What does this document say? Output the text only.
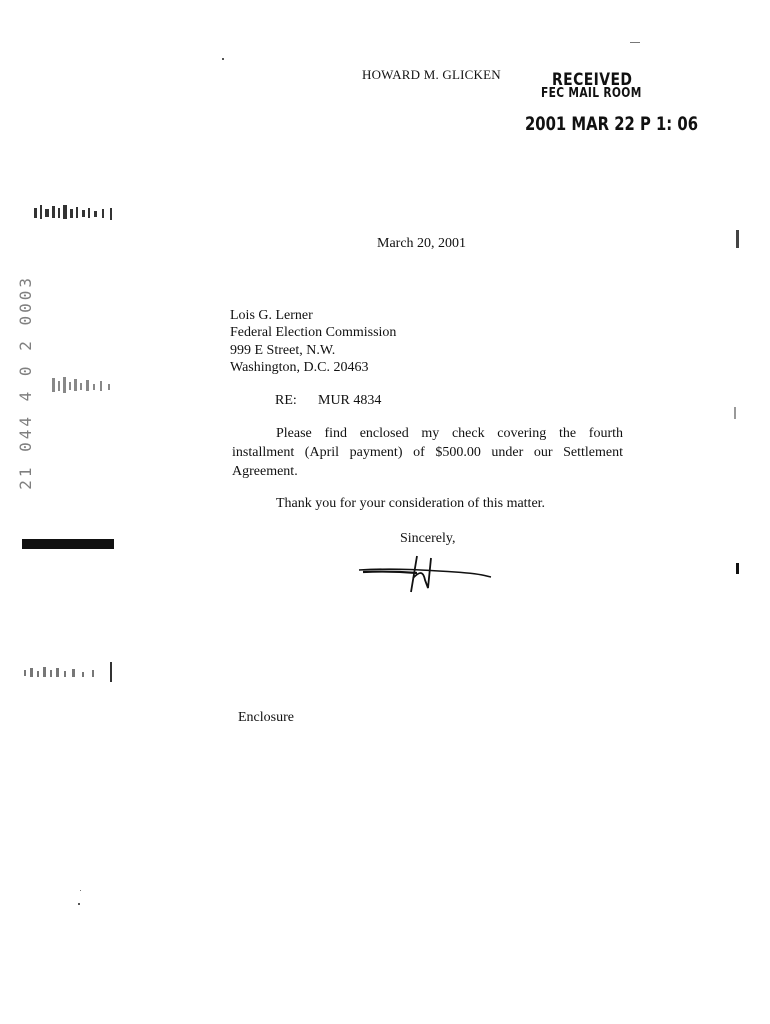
HOWARD M. GLICKEN	RECEIVED
FEC MAIL ROOM
2001 MAR 22 P 1: 06
March 20, 2001
Lois G. Lerner
Federal Election Commission
999 E Street, N.W.
Washington, D.C. 20463
RE: MUR 4834
Please find enclosed my check covering the fourth installment (April payment) of $500.00 under our Settlement Agreement.
Thank you for your consideration of this matter.
Sincerely,
Enclosure
21 044 4 0 2 0003
